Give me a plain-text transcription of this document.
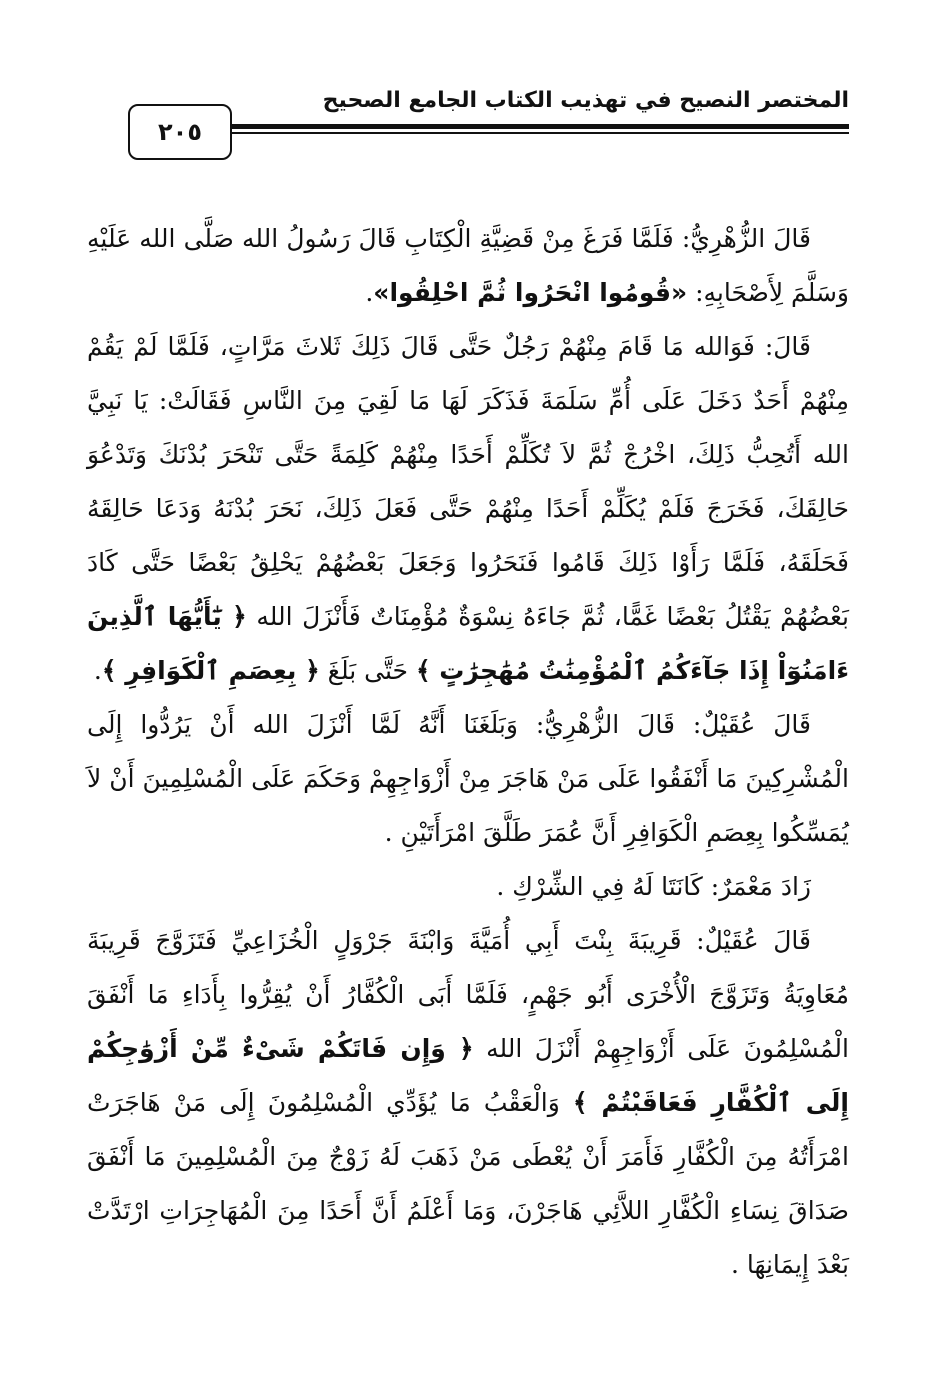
المختصر النصيح في تهذيب الكتاب الجامع الصحيح
٢٠٥

قَالَ الزُّهْرِيُّ: فَلَمَّا فَرَغَ مِنْ قَضِيَّةِ الْكِتَابِ قَالَ رَسُولُ الله صَلَّى الله عَلَيْهِ وَسَلَّمَ لِأَصْحَابِهِ: «قُومُوا انْحَرُوا ثُمَّ احْلِقُوا».

قَالَ: فَوَالله مَا قَامَ مِنْهُمْ رَجُلٌ حَتَّى قَالَ ذَلِكَ ثَلاثَ مَرَّاتٍ، فَلَمَّا لَمْ يَقُمْ مِنْهُمْ أَحَدٌ دَخَلَ عَلَى أُمِّ سَلَمَةَ فَذَكَرَ لَهَا مَا لَقِيَ مِنَ النَّاسِ فَقَالَتْ: يَا نَبِيَّ الله أَتُحِبُّ ذَلِكَ، اخْرُجْ ثُمَّ لاَ تُكَلِّمْ أَحَدًا مِنْهُمْ كَلِمَةً حَتَّى تَنْحَرَ بُدْنَكَ وَتَدْعُوَ حَالِقَكَ، فَخَرَجَ فَلَمْ يُكَلِّمْ أَحَدًا مِنْهُمْ حَتَّى فَعَلَ ذَلِكَ، نَحَرَ بُدْنَهُ وَدَعَا حَالِقَهُ فَحَلَقَهُ، فَلَمَّا رَأَوْا ذَلِكَ قَامُوا فَنَحَرُوا وَجَعَلَ بَعْضُهُمْ يَحْلِقُ بَعْضًا حَتَّى كَادَ بَعْضُهُمْ يَقْتُلُ بَعْضًا غَمًّا، ثُمَّ جَاءَهُ نِسْوَةٌ مُؤْمِنَاتٌ فَأَنْزَلَ الله ﴿ يَٰٓأَيُّهَا ٱلَّذِينَ ءَامَنُوٓاْ إِذَا جَآءَكُمُ ٱلْمُؤْمِنَٰتُ مُهَٰجِرَٰتٍ ﴾ حَتَّى بَلَغَ ﴿ بِعِصَمِ ٱلْكَوَافِرِ ﴾.

قَالَ عُقَيْلٌ: قَالَ الزُّهْرِيُّ: وَبَلَغَنَا أَنَّهُ لَمَّا أَنْزَلَ الله أَنْ يَرُدُّوا إِلَى الْمُشْرِكِينَ مَا أَنْفَقُوا عَلَى مَنْ هَاجَرَ مِنْ أَزْوَاجِهِمْ وَحَكَمَ عَلَى الْمُسْلِمِينَ أَنْ لاَ يُمَسِّكُوا بِعِصَمِ الْكَوَافِرِ أَنَّ عُمَرَ طَلَّقَ امْرَأَتَيْنِ .

زَادَ مَعْمَرٌ: كَانَتَا لَهُ فِي الشِّرْكِ .

قَالَ عُقَيْلٌ: قَرِيبَةَ بِنْتَ أَبِي أُمَيَّةَ وَابْنَةَ جَرْوَلٍ الْخُزَاعِيِّ فَتَزَوَّجَ قَرِيبَةَ مُعَاوِيَةُ وَتَزَوَّجَ الْأُخْرَى أَبُو جَهْمٍ، فَلَمَّا أَبَى الْكُفَّارُ أَنْ يُقِرُّوا بِأَدَاءِ مَا أَنْفَقَ الْمُسْلِمُونَ عَلَى أَزْوَاجِهِمْ أَنْزَلَ الله ﴿ وَإِن فَاتَكُمْ شَىْءٌ مِّنْ أَزْوَٰجِكُمْ إِلَى ٱلْكُفَّارِ فَعَاقَبْتُمْ ﴾ وَالْعَقْبُ مَا يُؤَدِّي الْمُسْلِمُونَ إِلَى مَنْ هَاجَرَتْ امْرَأَتُهُ مِنَ الْكُفَّارِ فَأَمَرَ أَنْ يُعْطَى مَنْ ذَهَبَ لَهُ زَوْجٌ مِنَ الْمُسْلِمِينَ مَا أَنْفَقَ صَدَاقَ نِسَاءِ الْكُفَّارِ اللاَّئِي هَاجَرْنَ، وَمَا أَعْلَمُ أَنَّ أَحَدًا مِنَ الْمُهَاجِرَاتِ ارْتَدَّتْ بَعْدَ إِيمَانِهَا .
